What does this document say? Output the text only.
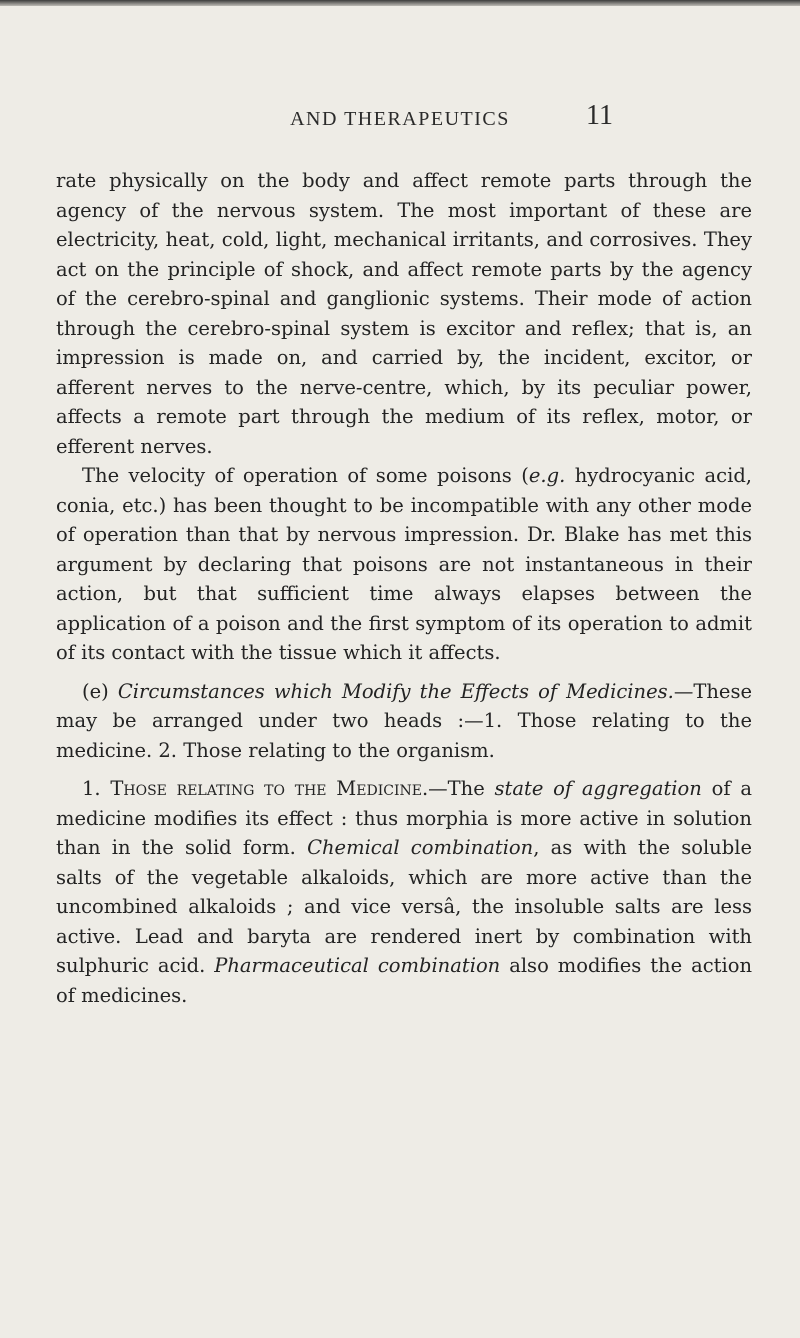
AND THERAPEUTICS	11

rate physically on the body and affect remote parts through the agency of the nervous system. The most important of these are electricity, heat, cold, light, mechanical irritants, and corrosives. They act on the principle of shock, and affect remote parts by the agency of the cerebro-spinal and ganglionic systems. Their mode of action through the cerebro-spinal system is excitor and reflex; that is, an impression is made on, and carried by, the incident, excitor, or afferent nerves to the nerve-centre, which, by its peculiar power, affects a remote part through the medium of its reflex, motor, or efferent nerves.

The velocity of operation of some poisons (e.g. hydrocyanic acid, conia, etc.) has been thought to be incompatible with any other mode of operation than that by nervous impression. Dr. Blake has met this argument by declaring that poisons are not instantaneous in their action, but that sufficient time always elapses between the application of a poison and the first symptom of its operation to admit of its contact with the tissue which it affects.

(e) Circumstances which Modify the Effects of Medicines.—These may be arranged under two heads :—1. Those relating to the medicine. 2. Those relating to the organism.

1. Those relating to the Medicine.—The state of aggregation of a medicine modifies its effect : thus morphia is more active in solution than in the solid form. Chemical combination, as with the soluble salts of the vegetable alkaloids, which are more active than the uncombined alkaloids ; and vice versâ, the insoluble salts are less active. Lead and baryta are rendered inert by combination with sulphuric acid. Pharmaceutical combination also modifies the action of medicines.
